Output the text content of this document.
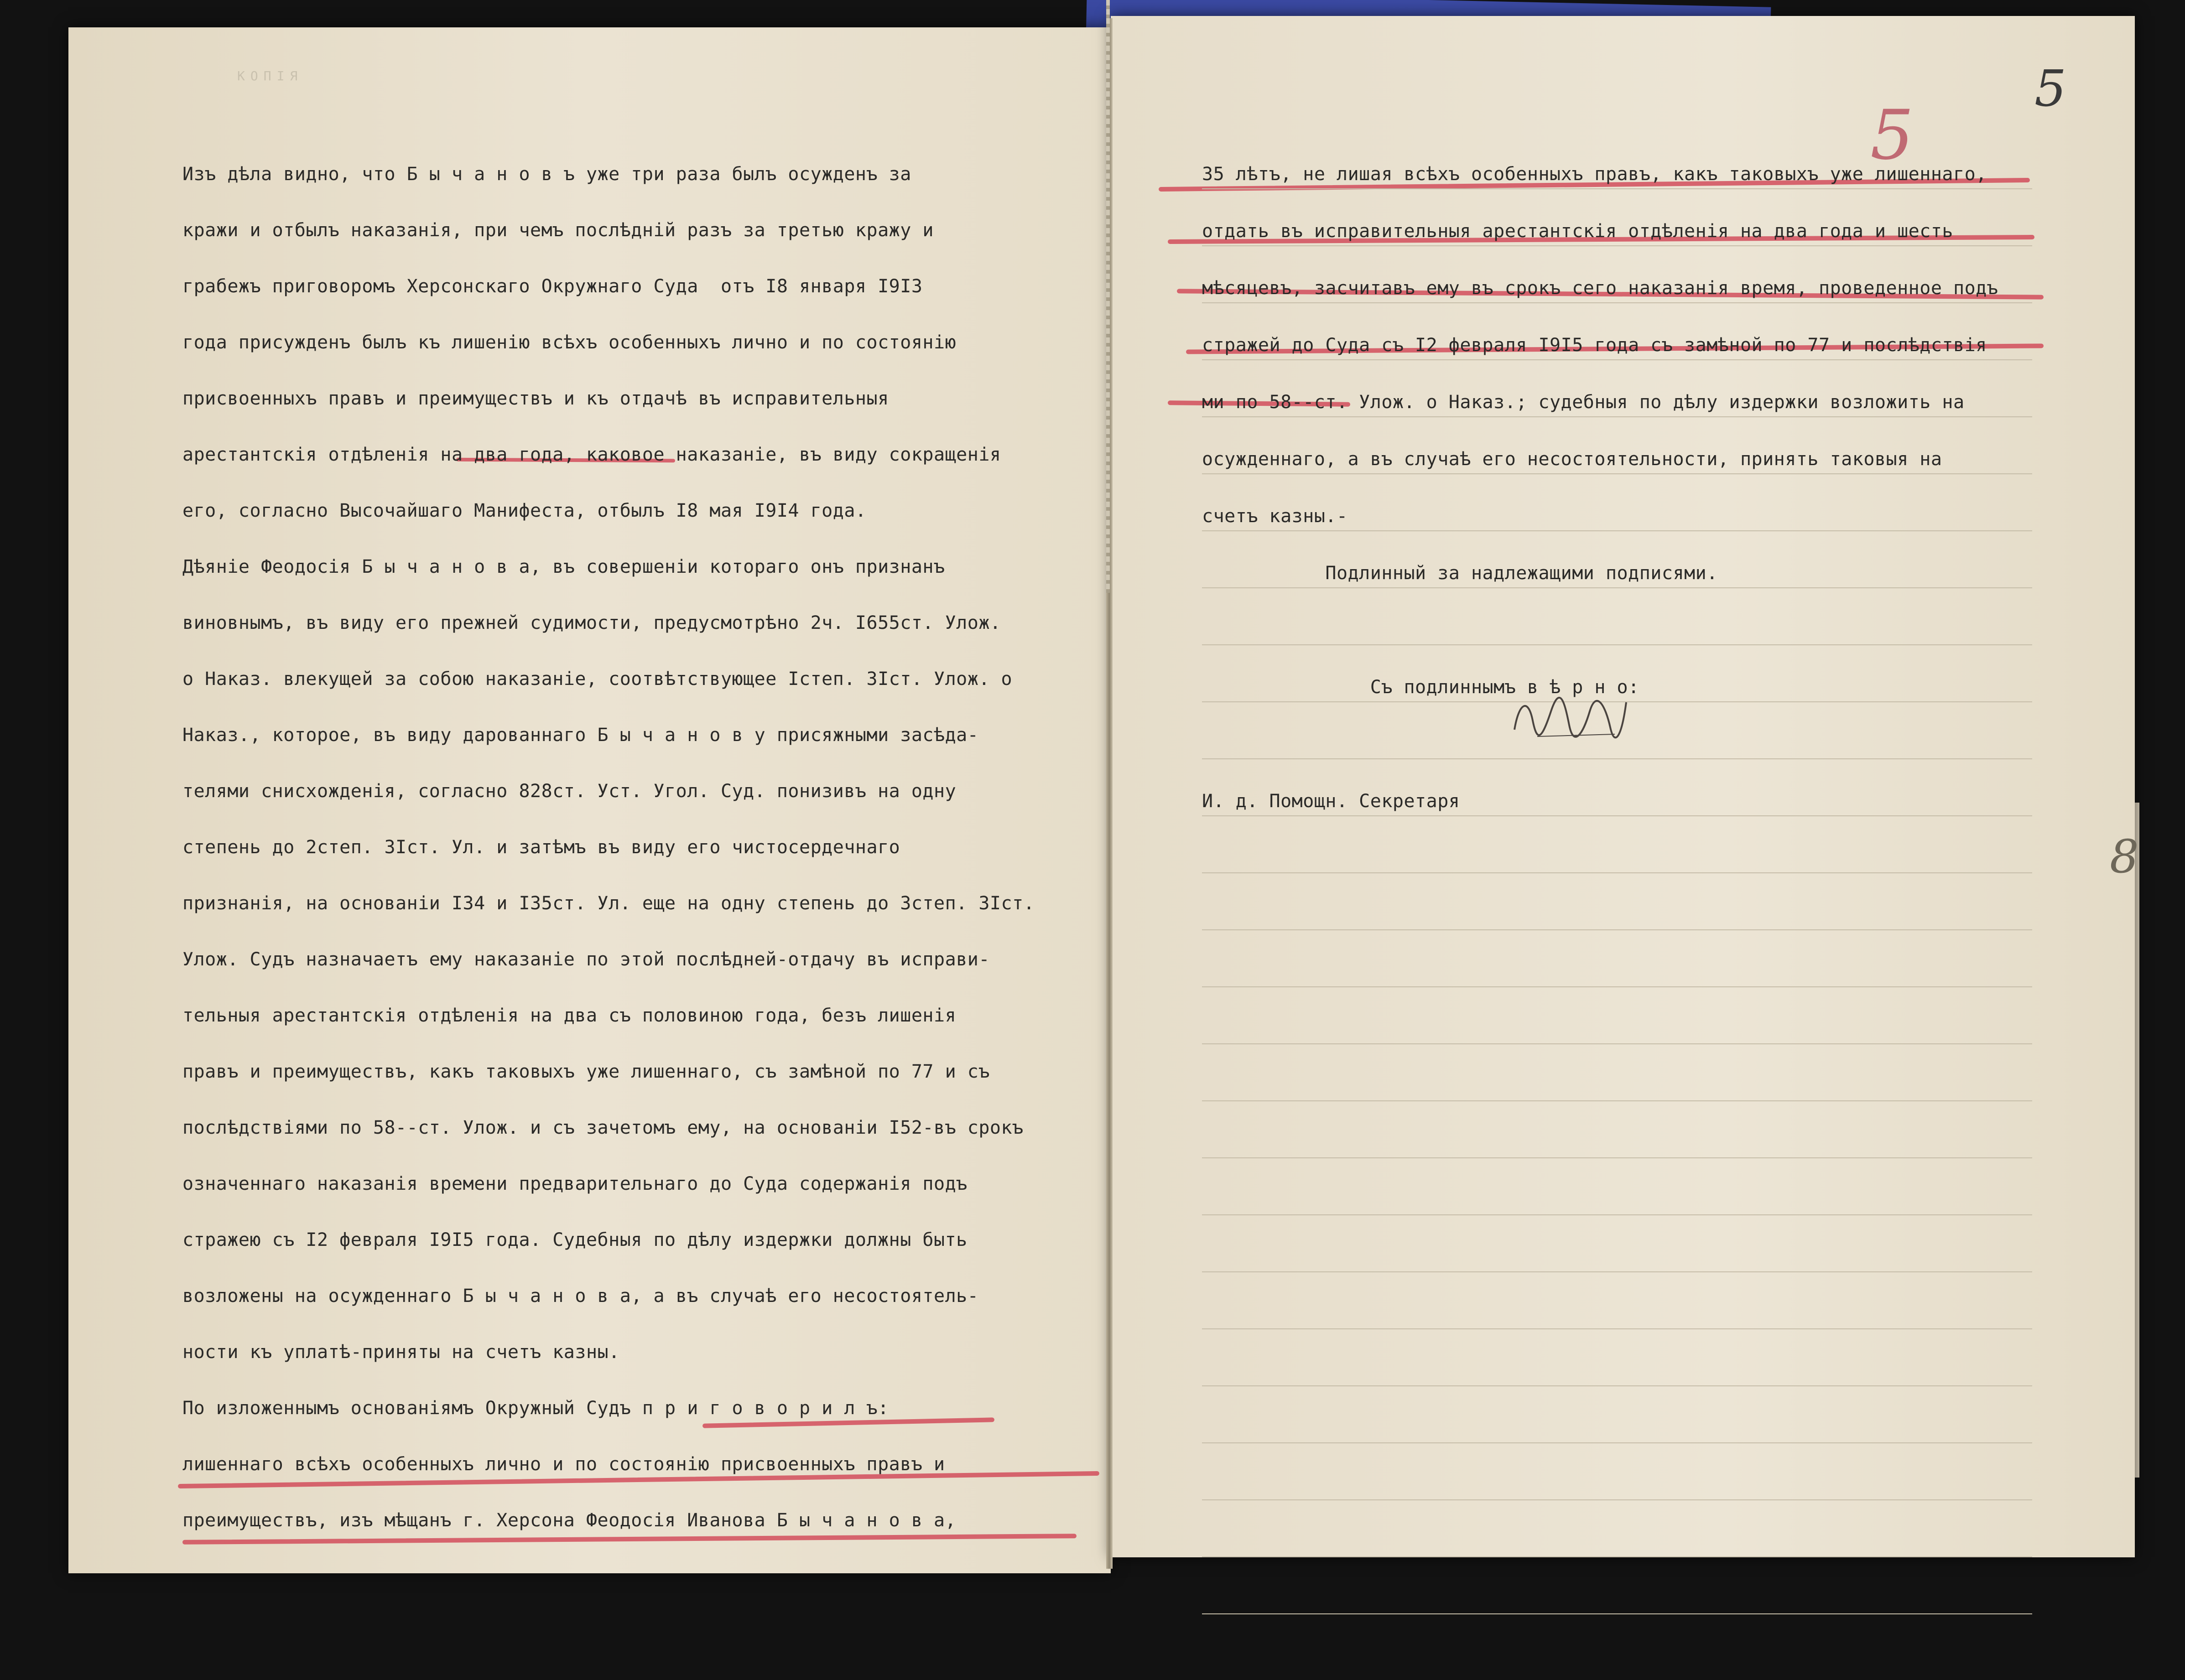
КОПІЯ	5
5
8
Изъ дѣла видно, что Б ы ч а н о в ъ уже три раза былъ осужденъ за
кражи и отбылъ наказанія, при чемъ послѣдній разъ за третью кражу и
грабежъ приговоромъ Херсонскаго Окружнаго Суда  отъ I8 января I9I3
года присужденъ былъ къ лишенію всѣхъ особенныхъ лично и по состоянію
присвоенныхъ правъ и преимуществъ и къ отдачѣ въ исправительныя
арестантскія отдѣленія на два года, каковое наказаніе, въ виду сокращенія
его, согласно Высочайшаго Манифеста, отбылъ I8 мая I9I4 года.
Дѣяніе Феодосія Б ы ч а н о в а, въ совершеніи котораго онъ признанъ
виновнымъ, въ виду его прежней судимости, предусмотрѣно 2ч. I655ст. Улож.
о Наказ. влекущей за собою наказаніе, соотвѣтствующее Iстеп. 3Iст. Улож. о
Наказ., которое, въ виду дарованнаго Б ы ч а н о в у присяжными засѣда-
телями снисхожденія, согласно 828ст. Уст. Угол. Суд. понизивъ на одну
степень до 2степ. 3Iст. Ул. и затѣмъ въ виду его чистосердечнаго
признанія, на основаніи I34 и I35ст. Ул. еще на одну степень до 3степ. 3Iст.
Улож. Судъ назначаетъ ему наказаніе по этой послѣдней-отдачу въ исправи-
тельныя арестантскія отдѣленія на два съ половиною года, безъ лишенія
правъ и преимуществъ, какъ таковыхъ уже лишеннаго, съ замѣной по 77 и съ
послѣдствіями по 58--ст. Улож. и съ зачетомъ ему, на основаніи I52-въ срокъ
означеннаго наказанія времени предварительнаго до Суда содержанія подъ
стражею съ I2 февраля I9I5 года. Судебныя по дѣлу издержки должны быть
возложены на осужденнаго Б ы ч а н о в а, а въ случаѣ его несостоятель-
ности къ уплатѣ-приняты на счетъ казны.
По изложеннымъ основаніямъ Окружный Судъ п р и г о в о р и л ъ:
лишеннаго всѣхъ особенныхъ лично и по состоянію присвоенныхъ правъ и
преимуществъ, изъ мѣщанъ г. Херсона Феодосія Иванова Б ы ч а н о в а,
35 лѣтъ, не лишая всѣхъ особенныхъ правъ, какъ таковыхъ уже лишеннаго,
отдать въ исправительныя арестантскія отдѣленія на два года и шесть
мѣсяцевъ, засчитавъ ему въ срокъ сего наказанія время, проведенное подъ
стражей до Суда съ I2 февраля I9I5 года съ замѣной по 77 и послѣдствія
ми по 58--ст. Улож. о Наказ.; судебныя по дѣлу издержки возложить на
осужденнаго, а въ случаѣ его несостоятельности, принять таковыя на
счетъ казны.-
Подлинный за надлежащими подписями.
Съ подлиннымъ в ѣ р н о:
И. д. Помощн. Секретаря
